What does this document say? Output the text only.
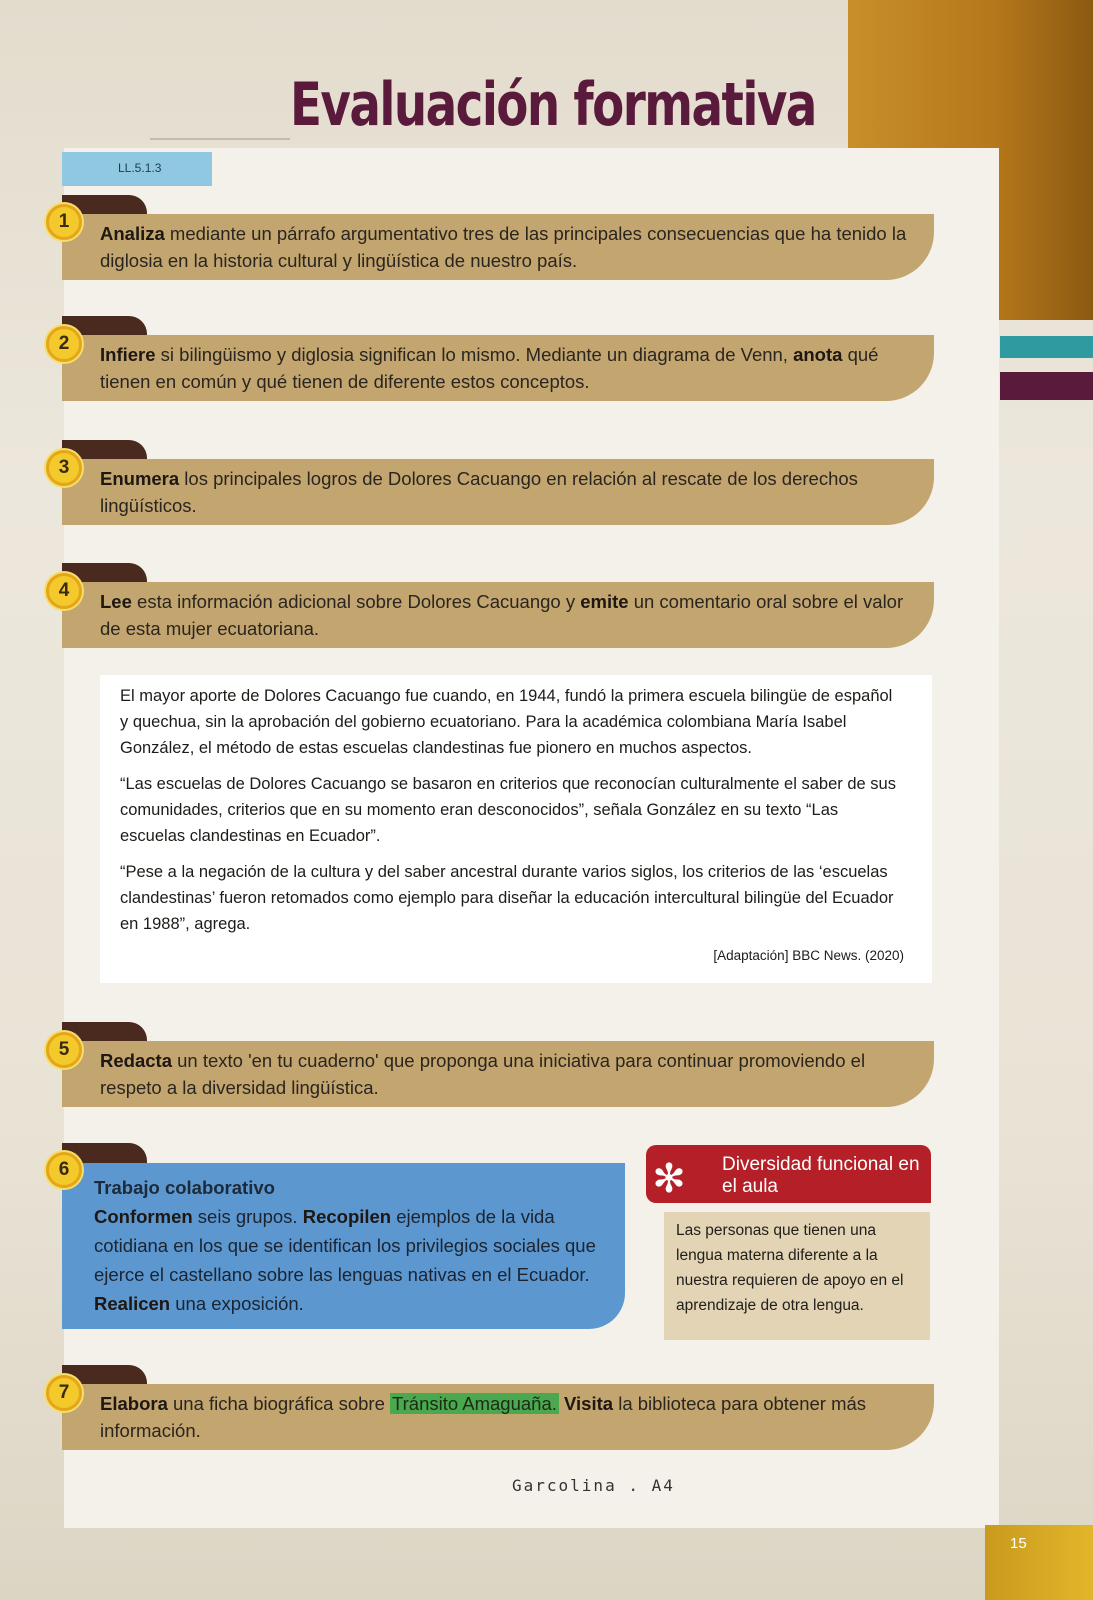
Evaluación formativa
LL.5.1.3
Analiza mediante un párrafo argumentativo tres de las principales consecuencias que ha tenido la diglosia en la historia cultural y lingüística de nuestro país.
1
Infiere si bilingüismo y diglosia significan lo mismo. Mediante un diagrama de Venn, anota qué tienen en común y qué tienen de diferente estos conceptos.
2
Enumera los principales logros de Dolores Cacuango en relación al rescate de los derechos lingüísticos.
3
Lee esta información adicional sobre Dolores Cacuango y emite un comentario oral sobre el valor de esta mujer ecuatoriana.
4

El mayor aporte de Dolores Cacuango fue cuando, en 1944, fundó la primera escuela bilingüe de español y quechua, sin la aprobación del gobierno ecuatoriano. Para la académica colombiana María Isabel González, el método de estas escuelas clandestinas fue pionero en muchos aspectos.

“Las escuelas de Dolores Cacuango se basaron en criterios que reconocían culturalmente el saber de sus comunidades, criterios que en su momento eran desconocidos”, señala González en su texto “Las escuelas clandestinas en Ecuador”.

“Pese a la negación de la cultura y del saber ancestral durante varios siglos, los criterios de las ‘escuelas clandestinas’ fueron retomados como ejemplo para diseñar la educación intercultural bilingüe del Ecuador en 1988”, agrega.

[Adaptación] BBC News. (2020)

Redacta un texto 'en tu cuaderno' que proponga una iniciativa para continuar promoviendo el respeto a la diversidad lingüística.
5
Trabajo colaborativo
Conformen seis grupos. Recopilen ejemplos de la vida cotidiana en los que se identifican los privilegios sociales que ejerce el castellano sobre las lenguas nativas en el Ecuador. Realicen una exposición.
6	Diversidad funcional en el aula
✻
Las personas que tienen una lengua materna diferente a la nuestra requieren de apoyo en el aprendizaje de otra lengua.
Elabora una ficha biográfica sobre Tránsito Amaguaña. Visita la biblioteca para obtener más información.
7
Garcolina . A4
15
